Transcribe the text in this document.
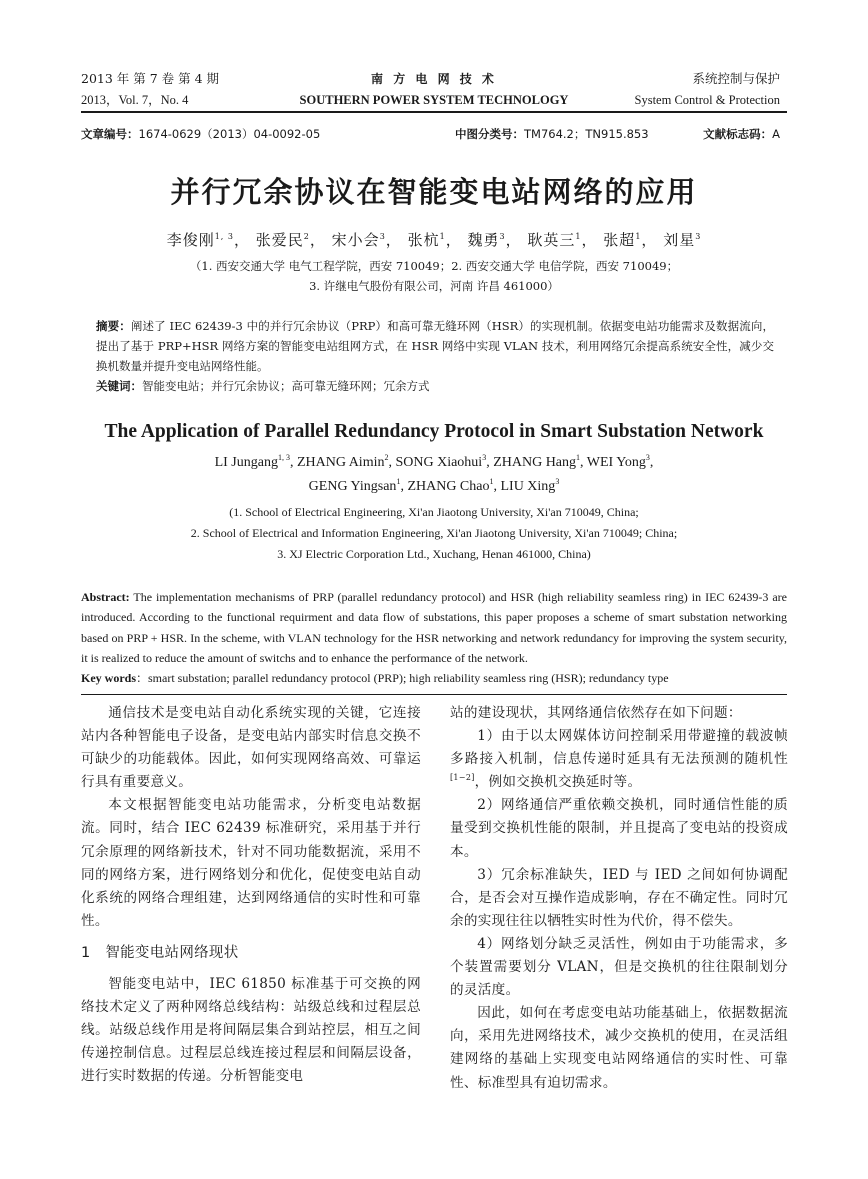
2013 年 第 7 卷 第 4 期
2013，Vol. 7，No. 4
南 方 电 网 技 术
SOUTHERN POWER SYSTEM TECHNOLOGY
系统控制与保护
System Control & Protection
文章编号：1674-0629（2013）04-0092-05	中图分类号：TM764.2；TN915.853	文献标志码：A
并行冗余协议在智能变电站网络的应用
李俊刚$^{1, 3}$， 张爱民$^2$， 宋小会$^3$， 张杭$^1$， 魏勇$^3$， 耿英三$^1$， 张超$^1$， 刘星$^3$
（1. 西安交通大学 电气工程学院，西安 710049；2. 西安交通大学 电信学院，西安 710049；
3. 许继电气股份有限公司，河南 许昌 461000）
摘要：阐述了 IEC 62439-3 中的并行冗余协议（PRP）和高可靠无缝环网（HSR）的实现机制。依据变电站功能需求及数据流向，提出了基于 PRP+HSR 网络方案的智能变电站组网方式，在 HSR 网络中实现 VLAN 技术，利用网络冗余提高系统安全性，减少交换机数量并提升变电站网络性能。
关键词：智能变电站；并行冗余协议；高可靠无缝环网；冗余方式
The Application of Parallel Redundancy Protocol in Smart Substation Network
LI Jungang$^{1, 3}$, ZHANG Aimin$^2$, SONG Xiaohui$^3$, ZHANG Hang$^1$, WEI Yong$^3$,
GENG Yingsan$^1$, ZHANG Chao$^1$, LIU Xing$^3$
(1. School of Electrical Engineering, Xi'an Jiaotong University, Xi'an 710049, China;
2. School of Electrical and Information Engineering, Xi'an Jiaotong University, Xi'an 710049; China;
3. XJ Electric Corporation Ltd., Xuchang, Henan 461000, China)
Abstract: The implementation mechanisms of PRP (parallel redundancy protocol) and HSR (high reliability seamless ring) in IEC 62439-3 are introduced. According to the functional requirment and data flow of substations, this paper proposes a scheme of smart substation networking based on PRP + HSR. In the scheme, with VLAN technology for the HSR networking and network redundancy for improving the system security, it is realized to reduce the amount of switchs and to enhance the performance of the network.
Key words：smart substation; parallel redundancy protocol (PRP); high reliability seamless ring (HSR); redundancy type

通信技术是变电站自动化系统实现的关键，它连接站内各种智能电子设备，是变电站内部实时信息交换不可缺少的功能载体。因此，如何实现网络高效、可靠运行具有重要意义。

本文根据智能变电站功能需求，分析变电站数据流。同时，结合 IEC 62439 标准研究，采用基于并行冗余原理的网络新技术，针对不同功能数据流，采用不同的网络方案，进行网络划分和优化，促使变电站自动化系统的网络合理组建，达到网络通信的实时性和可靠性。

1　智能变电站网络现状

智能变电站中，IEC 61850 标准基于可交换的网络技术定义了两种网络总线结构：站级总线和过程层总线。站级总线作用是将间隔层集合到站控层，相互之间传递控制信息。过程层总线连接过程层和间隔层设备，进行实时数据的传递。分析智能变电

站的建设现状，其网络通信依然存在如下问题：

1）由于以太网媒体访问控制采用带避撞的载波帧多路接入机制，信息传递时延具有无法预测的随机性[1−2]，例如交换机交换延时等。

2）网络通信严重依赖交换机，同时通信性能的质量受到交换机性能的限制，并且提高了变电站的投资成本。

3）冗余标准缺失，IED 与 IED 之间如何协调配合，是否会对互操作造成影响，存在不确定性。同时冗余的实现往往以牺牲实时性为代价，得不偿失。

4）网络划分缺乏灵活性，例如由于功能需求，多个装置需要划分 VLAN，但是交换机的往往限制划分的灵活度。

因此，如何在考虑变电站功能基础上，依据数据流向，采用先进网络技术，减少交换机的使用，在灵活组建网络的基础上实现变电站网络通信的实时性、可靠性、标准型具有迫切需求。
